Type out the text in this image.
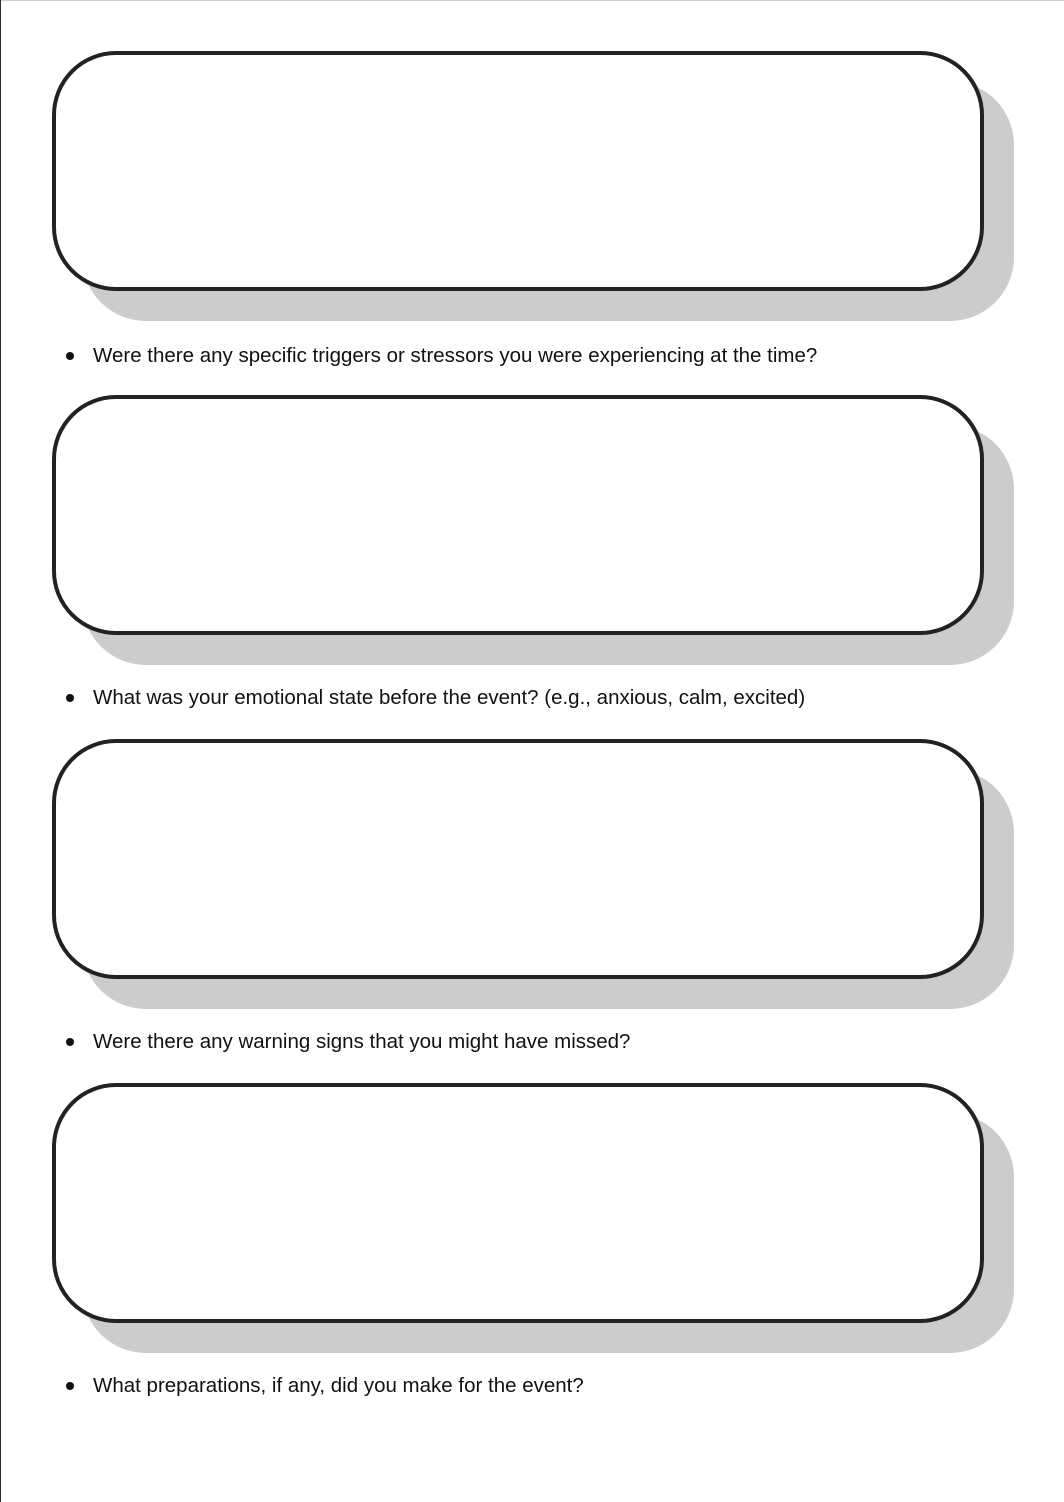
Were there any specific triggers or stressors you were experiencing at the time?
What was your emotional state before the event? (e.g., anxious, calm, excited)
Were there any warning signs that you might have missed?
What preparations, if any, did you make for the event?
